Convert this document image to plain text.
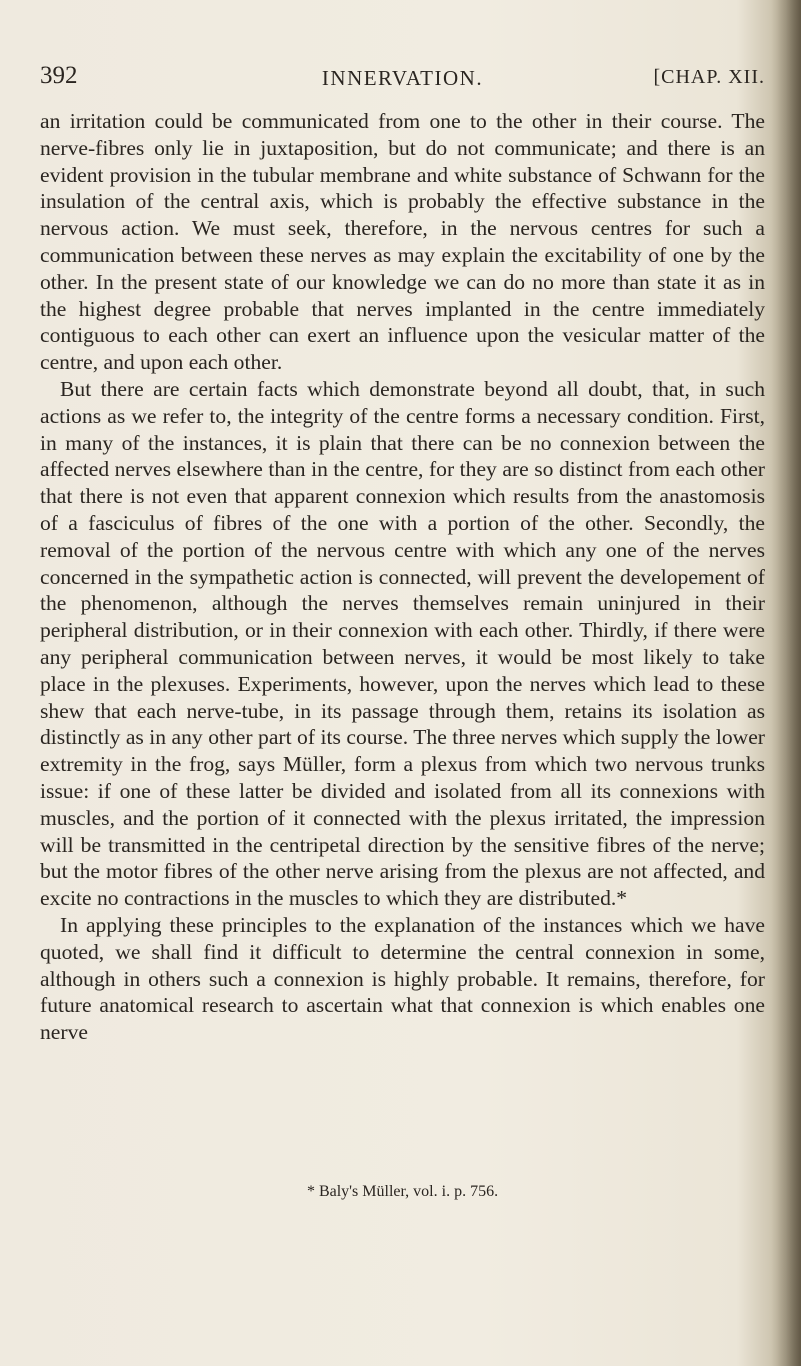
392	INNERVATION.	[CHAP. XII.

an irritation could be communicated from one to the other in their course. The nerve-fibres only lie in juxtaposition, but do not communicate; and there is an evident provision in the tubular membrane and white substance of Schwann for the insulation of the central axis, which is probably the effective substance in the nervous action. We must seek, therefore, in the nervous centres for such a communication between these nerves as may explain the excitability of one by the other. In the present state of our knowledge we can do no more than state it as in the highest degree probable that nerves implanted in the centre immediately contiguous to each other can exert an influence upon the vesicular matter of the centre, and upon each other.

But there are certain facts which demonstrate beyond all doubt, that, in such actions as we refer to, the integrity of the centre forms a necessary condition. First, in many of the instances, it is plain that there can be no connexion between the affected nerves elsewhere than in the centre, for they are so distinct from each other that there is not even that apparent connexion which results from the anastomosis of a fasciculus of fibres of the one with a portion of the other. Secondly, the removal of the portion of the nervous centre with which any one of the nerves concerned in the sympathetic action is connected, will prevent the developement of the phenomenon, although the nerves themselves remain uninjured in their peripheral distribution, or in their connexion with each other. Thirdly, if there were any peripheral communication between nerves, it would be most likely to take place in the plexuses. Experiments, however, upon the nerves which lead to these shew that each nerve-tube, in its passage through them, retains its isolation as distinctly as in any other part of its course. The three nerves which supply the lower extremity in the frog, says Müller, form a plexus from which two nervous trunks issue: if one of these latter be divided and isolated from all its connexions with muscles, and the portion of it connected with the plexus irritated, the impression will be transmitted in the centripetal direction by the sensitive fibres of the nerve; but the motor fibres of the other nerve arising from the plexus are not affected, and excite no contractions in the muscles to which they are distributed.*

In applying these principles to the explanation of the instances which we have quoted, we shall find it difficult to determine the central connexion in some, although in others such a connexion is highly probable. It remains, therefore, for future anatomical research to ascertain what that connexion is which enables one nerve

* Baly's Müller, vol. i. p. 756.
